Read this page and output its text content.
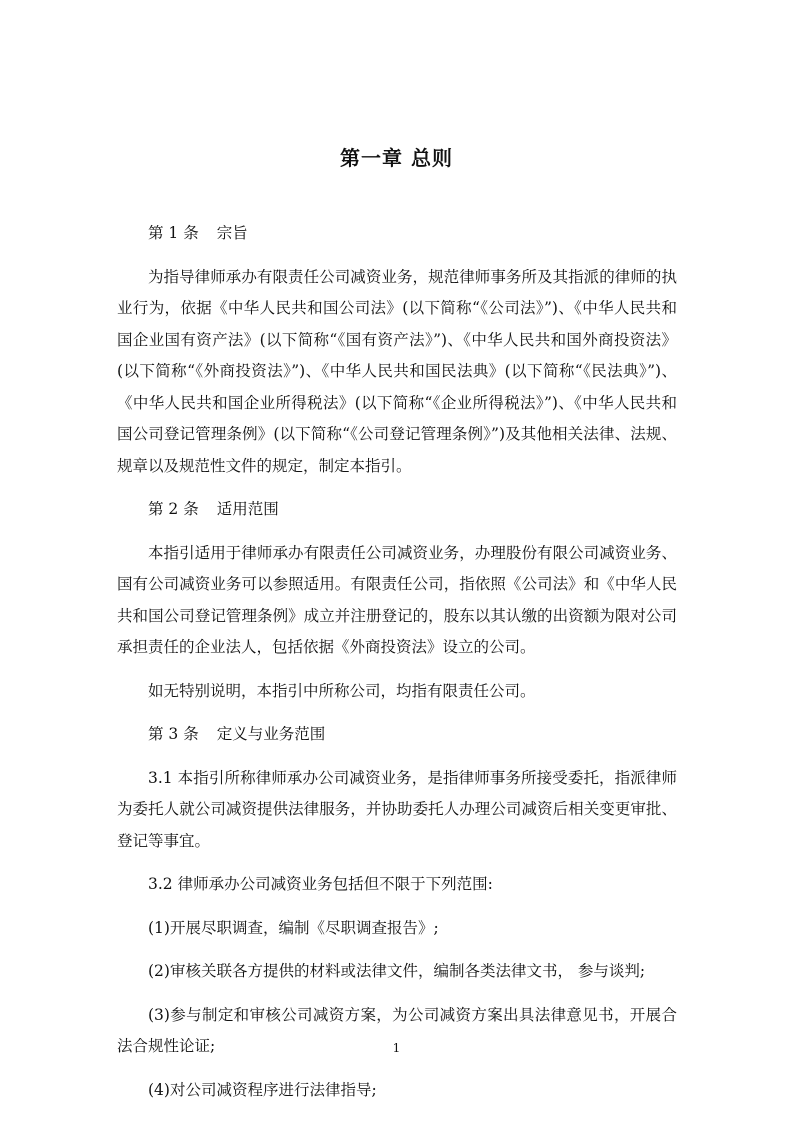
第一章 总则
第 1 条 宗旨

为指导律师承办有限责任公司减资业务，规范律师事务所及其指派的律师的执业行为，依据《中华人民共和国公司法》(以下简称“《公司法》”)、《中华人民共和国企业国有资产法》(以下简称“《国有资产法》”)、《中华人民共和国外商投资法》(以下简称“《外商投资法》”)、《中华人民共和国民法典》(以下简称“《民法典》”)、《中华人民共和国企业所得税法》(以下简称“《企业所得税法》”)、《中华人民共和国公司登记管理条例》(以下简称“《公司登记管理条例》”)及其他相关法律、法规、规章以及规范性文件的规定，制定本指引。

第 2 条 适用范围

本指引适用于律师承办有限责任公司减资业务，办理股份有限公司减资业务、国有公司减资业务可以参照适用。有限责任公司，指依照《公司法》和《中华人民共和国公司登记管理条例》成立并注册登记的，股东以其认缴的出资额为限对公司承担责任的企业法人，包括依据《外商投资法》设立的公司。

如无特别说明，本指引中所称公司，均指有限责任公司。

第 3 条 定义与业务范围

3.1 本指引所称律师承办公司减资业务，是指律师事务所接受委托，指派律师为委托人就公司减资提供法律服务，并协助委托人办理公司减资后相关变更审批、登记等事宜。

3.2 律师承办公司减资业务包括但不限于下列范围:

(1)开展尽职调查，编制《尽职调查报告》;

(2)审核关联各方提供的材料或法律文件，编制各类法律文书， 参与谈判;

(3)参与制定和审核公司减资方案，为公司减资方案出具法律意见书，开展合法合规性论证;

(4)对公司减资程序进行法律指导;

1
